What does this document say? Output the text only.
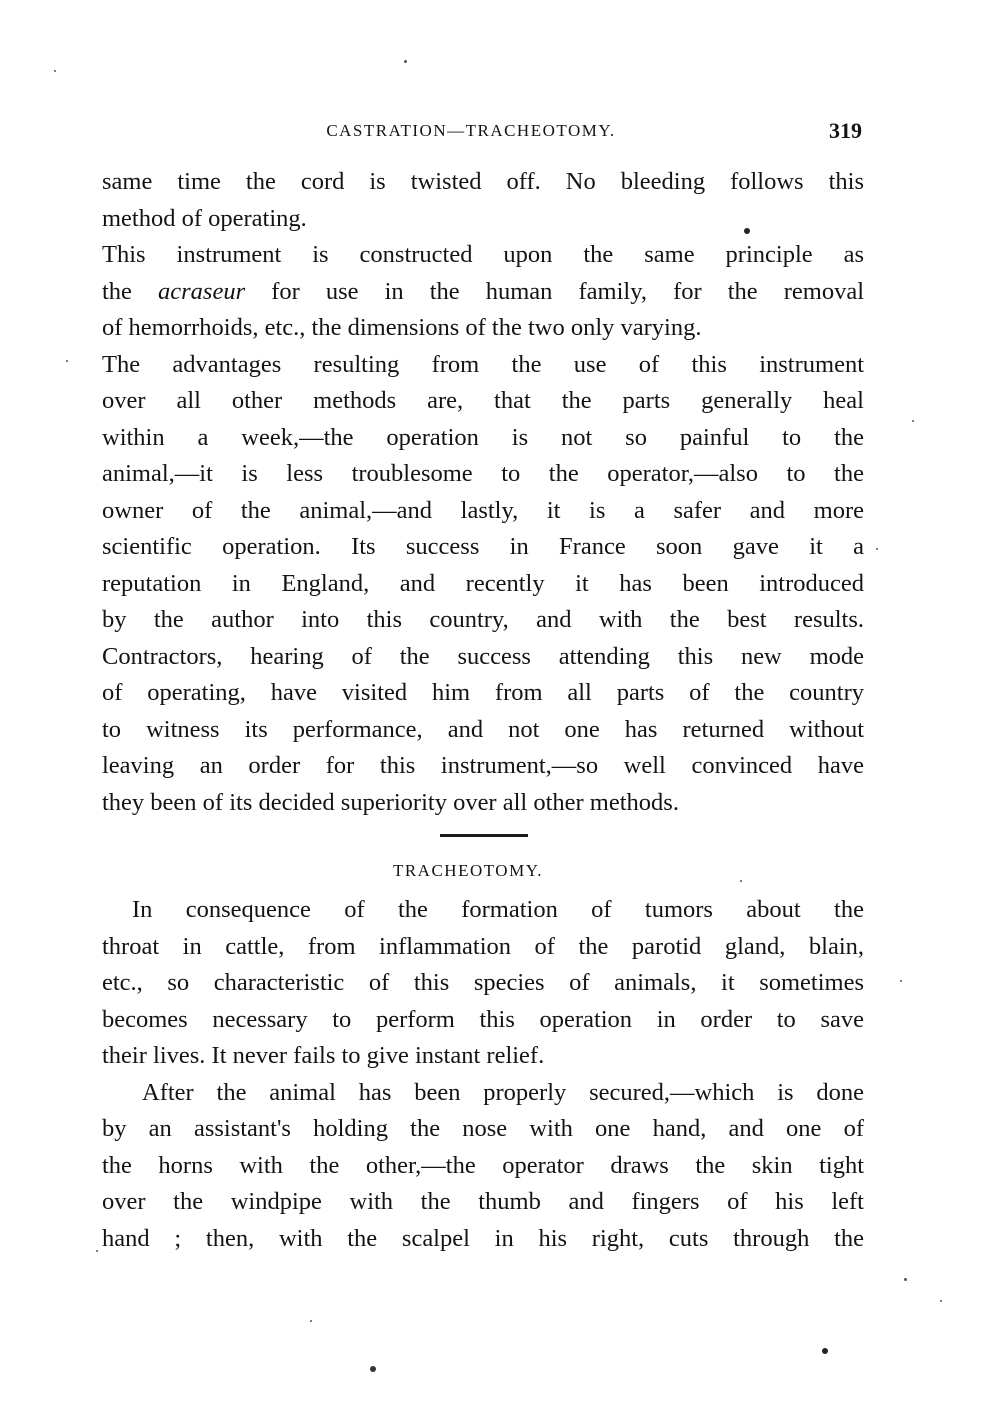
CASTRATION—TRACHEOTOMY.	319
same time the cord is twisted off. No bleeding follows this
method of operating.
This instrument is constructed upon the same principle as
the acraseur for use in the human family, for the removal
of hemorrhoids, etc., the dimensions of the two only varying.
The advantages resulting from the use of this instrument
over all other methods are, that the parts generally heal
within a week,—the operation is not so painful to the
animal,—it is less troublesome to the operator,—also to the
owner of the animal,—and lastly, it is a safer and more
scientific operation. Its success in France soon gave it a
reputation in England, and recently it has been introduced
by the author into this country, and with the best results.
Contractors, hearing of the success attending this new mode
of operating, have visited him from all parts of the country
to witness its performance, and not one has returned without
leaving an order for this instrument,—so well convinced have
they been of its decided superiority over all other methods.
TRACHEOTOMY.
In consequence of the formation of tumors about the
throat in cattle, from inflammation of the parotid gland, blain,
etc., so characteristic of this species of animals, it sometimes
becomes necessary to perform this operation in order to save
their lives. It never fails to give instant relief.
After the animal has been properly secured,—which is done
by an assistant's holding the nose with one hand, and one of
the horns with the other,—the operator draws the skin tight
over the windpipe with the thumb and fingers of his left
hand ; then, with the scalpel in his right, cuts through the
